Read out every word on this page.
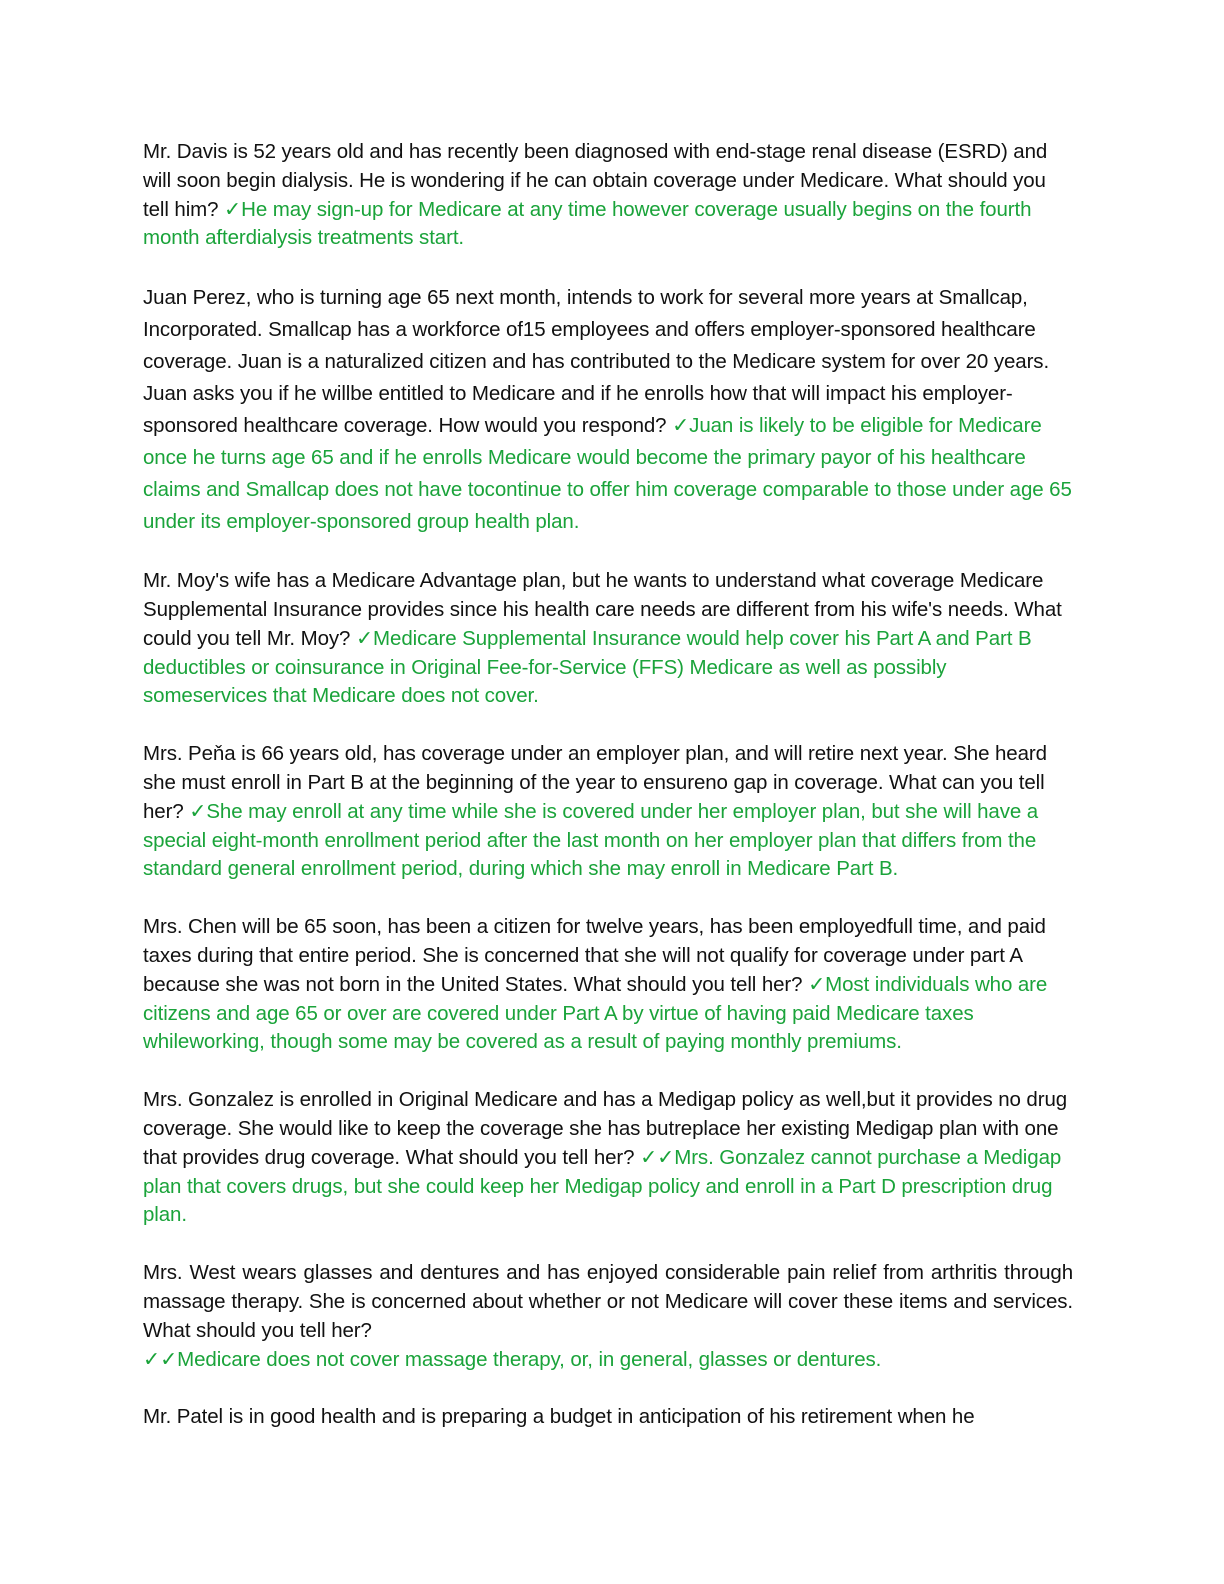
Mr. Davis is 52 years old and has recently been diagnosed with end-stage renal disease (ESRD) and will soon begin dialysis. He is wondering if he can obtain coverage under Medicare. What should you tell him? ✓He may sign-up for Medicare at any time however coverage usually begins on the fourth month afterdialysis treatments start.

Juan Perez, who is turning age 65 next month, intends to work for several more years at Smallcap, Incorporated. Smallcap has a workforce of15 employees and offers employer-sponsored healthcare coverage. Juan is a naturalized citizen and has contributed to the Medicare system for over 20 years. Juan asks you if he willbe entitled to Medicare and if he enrolls how that will impact his employer- sponsored healthcare coverage. How would you respond? ✓Juan is likely to be eligible for Medicare once he turns age 65 and if he enrolls Medicare would become the primary payor of his healthcare claims and Smallcap does not have tocontinue to offer him coverage comparable to those under age 65 under its employer-sponsored group health plan.

Mr. Moy's wife has a Medicare Advantage plan, but he wants to understand what coverage Medicare Supplemental Insurance provides since his health care needs are different from his wife's needs. What could you tell Mr. Moy? ✓Medicare Supplemental Insurance would help cover his Part A and Part B deductibles or coinsurance in Original Fee-for-Service (FFS) Medicare as well as possibly someservices that Medicare does not cover.

Mrs. Peňa is 66 years old, has coverage under an employer plan, and will retire next year. She heard she must enroll in Part B at the beginning of the year to ensureno gap in coverage. What can you tell her? ✓She may enroll at any time while she is covered under her employer plan, but she will have a special eight-month enrollment period after the last month on her employer plan that differs from the standard general enrollment period, during which she may enroll in Medicare Part B.

Mrs. Chen will be 65 soon, has been a citizen for twelve years, has been employedfull time, and paid taxes during that entire period. She is concerned that she will not qualify for coverage under part A because she was not born in the United States. What should you tell her? ✓Most individuals who are citizens and age 65 or over are covered under Part A by virtue of having paid Medicare taxes whileworking, though some may be covered as a result of paying monthly premiums.

Mrs. Gonzalez is enrolled in Original Medicare and has a Medigap policy as well,but it provides no drug coverage. She would like to keep the coverage she has butreplace her existing Medigap plan with one that provides drug coverage. What should you tell her? ✓✓Mrs. Gonzalez cannot purchase a Medigap plan that covers drugs, but she could keep her Medigap policy and enroll in a Part D prescription drug plan.

Mrs. West wears glasses and dentures and has enjoyed considerable pain relief from arthritis through massage therapy. She is concerned about whether or not Medicare will cover these items and services. What should you tell her?
✓✓Medicare does not cover massage therapy, or, in general, glasses or dentures.

Mr. Patel is in good health and is preparing a budget in anticipation of his retirement when he
